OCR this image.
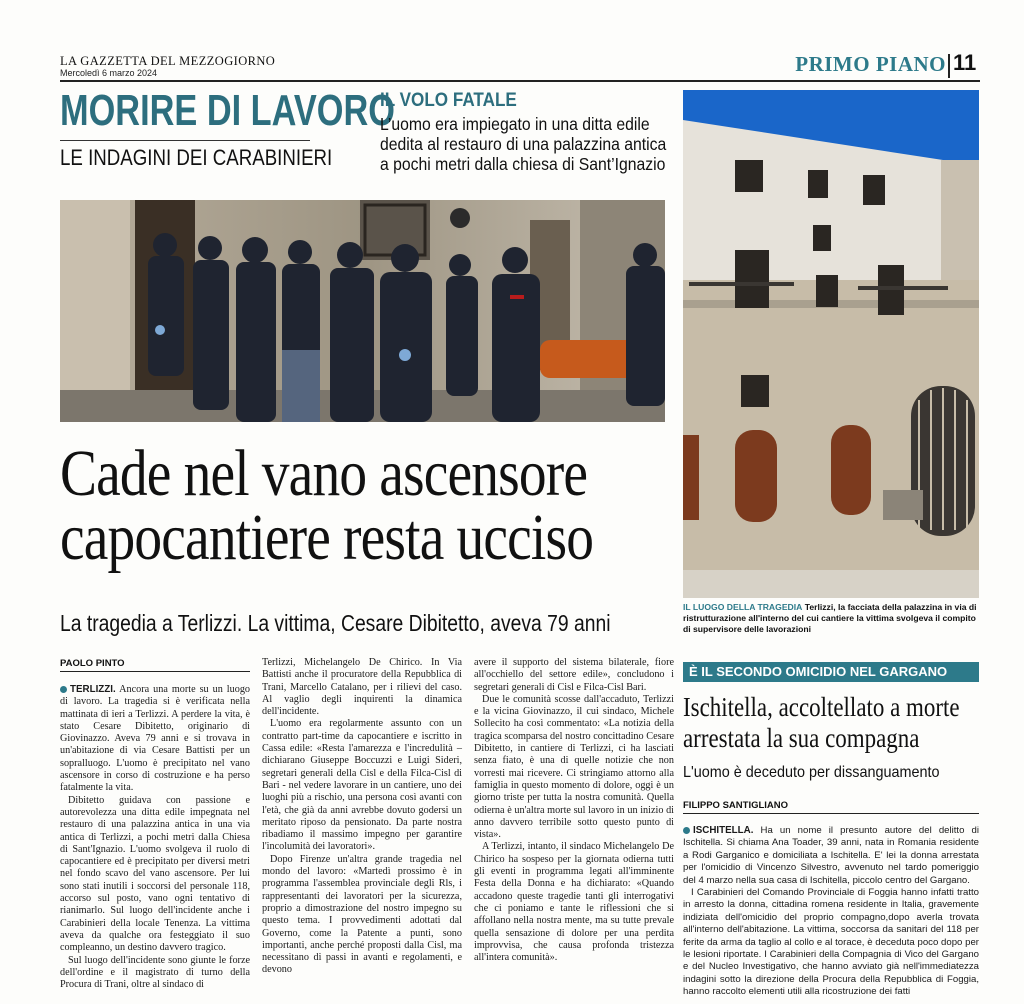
LA GAZZETTA DEL MEZZOGIORNO
Mercoledì 6 marzo 2024	PRIMO PIANO 11
MORIRE DI LAVORO
LE INDAGINI DEI CARABINIERI
IL VOLO FATALE
L’uomo era impiegato in una ditta edile dedita al restauro di una palazzina antica a pochi metri dalla chiesa di Sant’Ignazio
Cade nel vano ascensore
capocantiere resta ucciso
La tragedia a Terlizzi. La vittima, Cesare Dibitetto, aveva 79 anni
IL LUOGO DELLA TRAGEDIA Terlizzi, la facciata della palazzina in via di ristrutturazione all'interno del cui cantiere la vittima svolgeva il compito di supervisore delle lavorazioni
PAOLO PINTO

TERLIZZI. Ancora una morte su un luogo di lavoro. La tragedia si è verificata nella mattinata di ieri a Terlizzi. A perdere la vita, è stato Cesare Dibitetto, originario di Giovinazzo. Aveva 79 anni e si trovava in un'abitazione di via Cesare Battisti per un sopralluogo. L'uomo è precipitato nel vano ascensore in corso di costruzione e ha perso fatalmente la vita.

Dibitetto guidava con passione e autorevolezza una ditta edile impegnata nel restauro di una palazzina antica in una via antica di Terlizzi, a pochi metri dalla Chiesa di Sant'Ignazio. L'uomo svolgeva il ruolo di capocantiere ed è precipitato per diversi metri nel fondo scavo del vano ascensore. Per lui sono stati inutili i soccorsi del personale 118, accorso sul posto, vano ogni tentativo di rianimarlo. Sul luogo dell'incidente anche i Carabinieri della locale Tenenza. La vittima aveva da qualche ora festeggiato il suo compleanno, un destino davvero tragico.

Sul luogo dell'incidente sono giunte le forze dell'ordine e il magistrato di turno della Procura di Trani, oltre al sindaco di

Terlizzi, Michelangelo De Chirico. In Via Battisti anche il procuratore della Repubblica di Trani, Marcello Catalano, per i rilievi del caso. Al vaglio degli inquirenti la dinamica dell'incidente.

L'uomo era regolarmente assunto con un contratto part-time da capocantiere e iscritto in Cassa edile: «Resta l'amarezza e l'incredulità – dichiarano Giuseppe Boccuzzi e Luigi Sideri, segretari generali della Cisl e della Filca-Cisl di Bari - nel vedere lavorare in un cantiere, uno dei luoghi più a rischio, una persona così avanti con l'età, che già da anni avrebbe dovuto godersi un meritato riposo da pensionato. Da parte nostra ribadiamo il massimo impegno per garantire l'incolumità dei lavoratori».

Dopo Firenze un'altra grande tragedia nel mondo del lavoro: «Martedì prossimo è in programma l'assemblea provinciale degli Rls, i rappresentanti dei lavoratori per la sicurezza, proprio a dimostrazione del nostro impegno su questo tema. I provvedimenti adottati dal Governo, come la Patente a punti, sono importanti, anche perché proposti dalla Cisl, ma necessitano di passi in avanti e regolamenti, e devono

avere il supporto del sistema bilaterale, fiore all'occhiello del settore edile», concludono i segretari generali di Cisl e Filca-Cisl Bari.

Due le comunità scosse dall'accaduto, Terlizzi e la vicina Giovinazzo, il cui sindaco, Michele Sollecito ha così commentato: «La notizia della tragica scomparsa del nostro concittadino Cesare Dibitetto, in cantiere di Terlizzi, ci ha lasciati senza fiato, è una di quelle notizie che non vorresti mai ricevere. Ci stringiamo attorno alla famiglia in questo momento di dolore, oggi è un giorno triste per tutta la nostra comunità. Quella odierna è un'altra morte sul lavoro in un inizio di anno davvero terribile sotto questo punto di vista».

A Terlizzi, intanto, il sindaco Michelangelo De Chirico ha sospeso per la giornata odierna tutti gli eventi in programma legati all'imminente Festa della Donna e ha dichiarato: «Quando accadono queste tragedie tanti gli interrogativi che ci poniamo e tante le riflessioni che si affollano nella nostra mente, ma su tutte prevale quella sensazione di dolore per una perdita improvvisa, che causa profonda tristezza all'intera comunità».

È IL SECONDO OMICIDIO NEL GARGANO
Ischitella, accoltellato a morte
arrestata la sua compagna
L'uomo è deceduto per dissanguamento
FILIPPO SANTIGLIANO

ISCHITELLA. Ha un nome il presunto autore del delitto di Ischitella. Si chiama Ana Toader, 39 anni, nata in Romania residente a Rodi Garganico e domiciliata a Ischitella. E' lei la donna arrestata per l'omicidio di Vincenzo Silvestro, avvenuto nel tardo pomeriggio del 4 marzo nella sua casa di Ischitella, piccolo centro del Gargano.

I Carabinieri del Comando Provinciale di Foggia hanno infatti tratto in arresto la donna, cittadina romena residente in Italia, gravemente indiziata dell'omicidio del proprio compagno,dopo averla trovata all'interno dell'abitazione. La vittima, soccorsa da sanitari del 118 per ferite da arma da taglio al collo e al torace, è deceduta poco dopo per le lesioni riportate. I Carabinieri della Compagnia di Vico del Gargano e del Nucleo Investigativo, che hanno avviato già nell'immediatezza indagini sotto la direzione della Procura della Repubblica di Foggia, hanno raccolto elementi utili alla ricostruzione dei fatti
